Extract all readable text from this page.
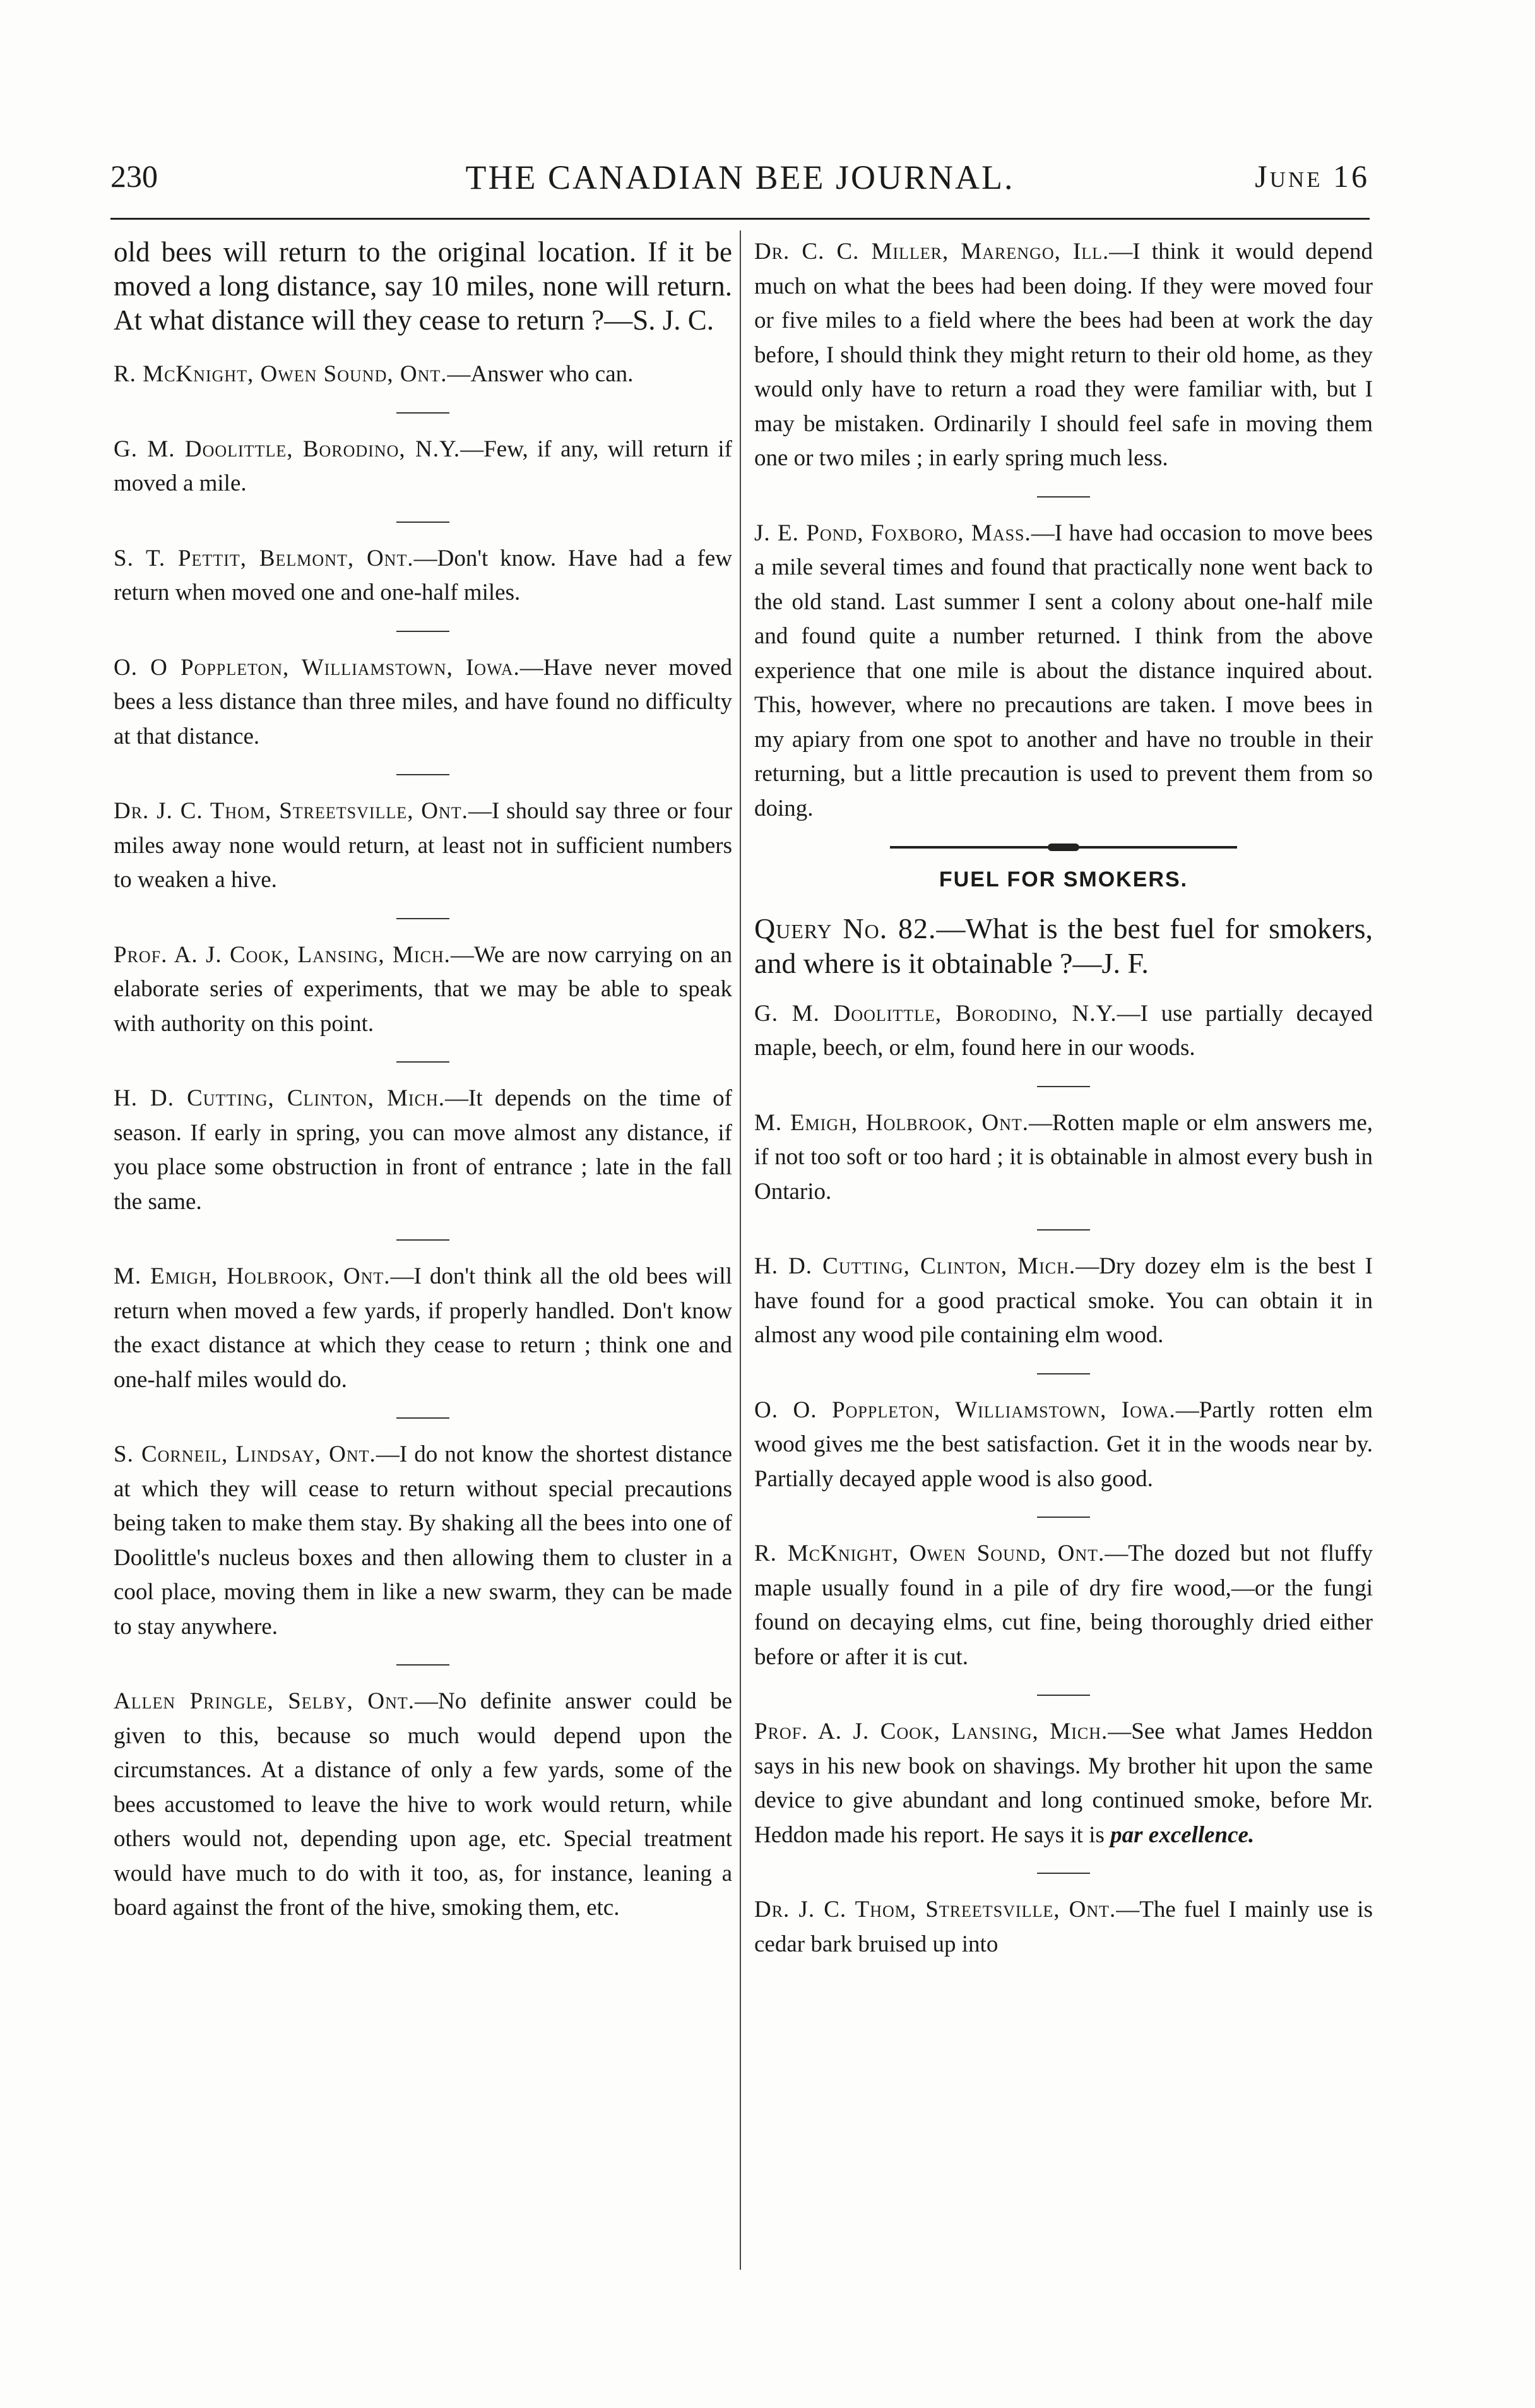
230	THE CANADIAN BEE JOURNAL.	June 16

old bees will return to the original location. If it be moved a long distance, say 10 miles, none will return. At what distance will they cease to return ?—S. J. C.

R. McKnight, Owen Sound, Ont.—Answer who can.

G. M. Doolittle, Borodino, N.Y.—Few, if any, will return if moved a mile.

S. T. Pettit, Belmont, Ont.—Don't know. Have had a few return when moved one and one-half miles.

O. O Poppleton, Williamstown, Iowa.—Have never moved bees a less distance than three miles, and have found no difficulty at that distance.

Dr. J. C. Thom, Streetsville, Ont.—I should say three or four miles away none would return, at least not in sufficient numbers to weaken a hive.

Prof. A. J. Cook, Lansing, Mich.—We are now carrying on an elaborate series of experiments, that we may be able to speak with authority on this point.

H. D. Cutting, Clinton, Mich.—It depends on the time of season. If early in spring, you can move almost any distance, if you place some obstruction in front of entrance ; late in the fall the same.

M. Emigh, Holbrook, Ont.—I don't think all the old bees will return when moved a few yards, if properly handled. Don't know the exact distance at which they cease to return ; think one and one-half miles would do.

S. Corneil, Lindsay, Ont.—I do not know the shortest distance at which they will cease to return without special precautions being taken to make them stay. By shaking all the bees into one of Doolittle's nucleus boxes and then allowing them to cluster in a cool place, moving them in like a new swarm, they can be made to stay anywhere.

Allen Pringle, Selby, Ont.—No definite answer could be given to this, because so much would depend upon the circumstances. At a distance of only a few yards, some of the bees accustomed to leave the hive to work would return, while others would not, depending upon age, etc. Special treatment would have much to do with it too, as, for instance, leaning a board against the front of the hive, smoking them, etc.

Dr. C. C. Miller, Marengo, Ill.—I think it would depend much on what the bees had been doing. If they were moved four or five miles to a field where the bees had been at work the day before, I should think they might return to their old home, as they would only have to return a road they were familiar with, but I may be mistaken. Ordinarily I should feel safe in moving them one or two miles ; in early spring much less.

J. E. Pond, Foxboro, Mass.—I have had occasion to move bees a mile several times and found that practically none went back to the old stand. Last summer I sent a colony about one-half mile and found quite a number returned. I think from the above experience that one mile is about the distance inquired about. This, however, where no precautions are taken. I move bees in my apiary from one spot to another and have no trouble in their returning, but a little precaution is used to prevent them from so doing.

FUEL FOR SMOKERS.

Query No. 82.—What is the best fuel for smokers, and where is it obtainable ?—J. F.

G. M. Doolittle, Borodino, N.Y.—I use partially decayed maple, beech, or elm, found here in our woods.

M. Emigh, Holbrook, Ont.—Rotten maple or elm answers me, if not too soft or too hard ; it is obtainable in almost every bush in Ontario.

H. D. Cutting, Clinton, Mich.—Dry dozey elm is the best I have found for a good practical smoke. You can obtain it in almost any wood pile containing elm wood.

O. O. Poppleton, Williamstown, Iowa.—Partly rotten elm wood gives me the best satisfaction. Get it in the woods near by. Partially decayed apple wood is also good.

R. McKnight, Owen Sound, Ont.—The dozed but not fluffy maple usually found in a pile of dry fire wood,—or the fungi found on decaying elms, cut fine, being thoroughly dried either before or after it is cut.

Prof. A. J. Cook, Lansing, Mich.—See what James Heddon says in his new book on shavings. My brother hit upon the same device to give abundant and long continued smoke, before Mr. Heddon made his report. He says it is par excellence.

Dr. J. C. Thom, Streetsville, Ont.—The fuel I mainly use is cedar bark bruised up into
